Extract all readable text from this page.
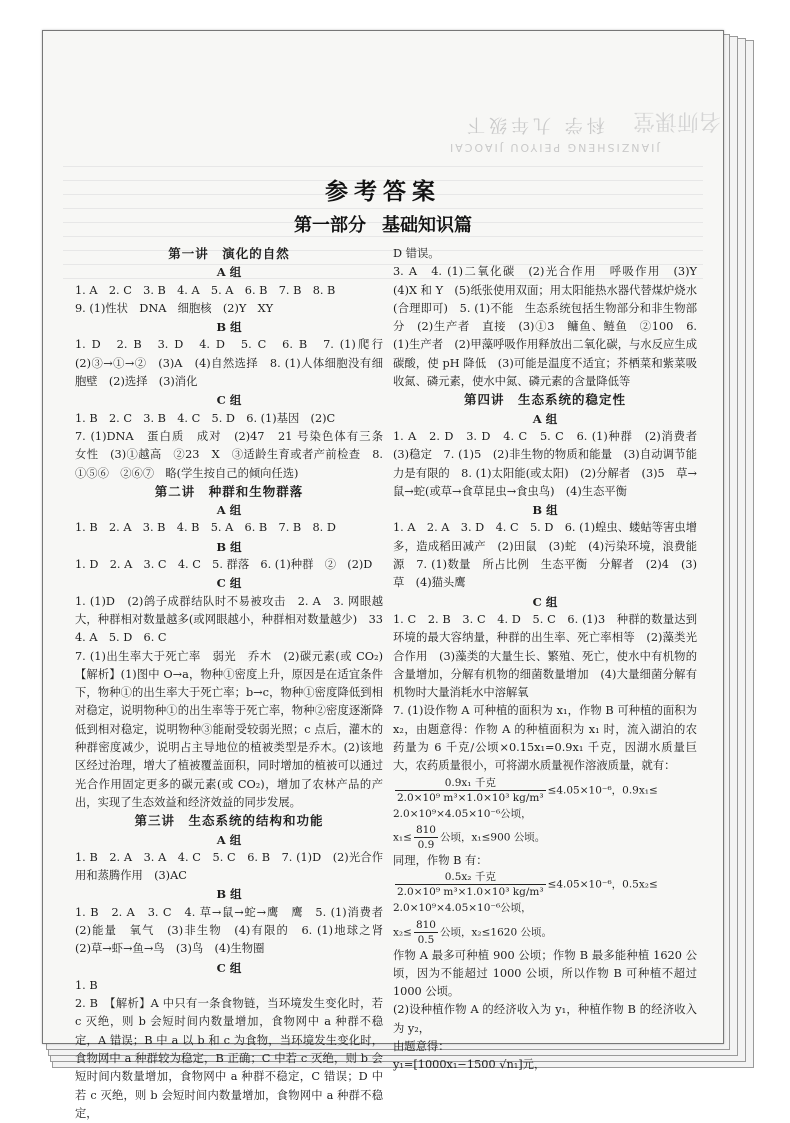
科学 九年级下
JIANZISHENG PEIYOU JIAOCAI
名师课堂
参考答案
第一部分 基础知识篇

第一讲　演化的自然

A 组

1. A　2. C　3. B　4. A　5. A　6. B　7. B　8. B

9. (1)性状　DNA　细胞核　(2)Y　XY

B 组

1. D　2. B　3. D　4. D　5. C　6. B　7. (1)爬行　(2)③→①→②　(3)A　(4)自然选择　8. (1)人体细胞没有细胞壁　(2)选择　(3)消化

C 组

1. B　2. C　3. B　4. C　5. D　6. (1)基因　(2)C

7. (1)DNA　蛋白质　成对　(2)47　21 号染色体有三条　女性　(3)①越高　②23　X　③适龄生育或者产前检查　8. ①⑤⑥　②⑥⑦　略(学生按自己的倾向任选)

第二讲　种群和生物群落

A 组

1. B　2. A　3. B　4. B　5. A　6. B　7. B　8. D

B 组

1. D　2. A　3. C　4. C　5. 群落　6. (1)种群　②　(2)D

C 组

1. (1)D　(2)鸽子成群结队时不易被攻击　2. A　3. 网眼越大，种群相对数量越多(或网眼越小，种群相对数量越少)　33　4. A　5. D　6. C

7. (1)出生率大于死亡率　弱光　乔木　(2)碳元素(或 CO₂)　【解析】(1)图中 O→a，物种①密度上升，原因是在适宜条件下，物种①的出生率大于死亡率；b→c，物种①密度降低到相对稳定，说明物种①的出生率等于死亡率，物种②密度逐渐降低到相对稳定，说明物种③能耐受较弱光照；c 点后，灌木的种群密度减少，说明占主导地位的植被类型是乔木。(2)该地区经过治理，增大了植被覆盖面积，同时增加的植被可以通过光合作用固定更多的碳元素(或 CO₂)，增加了农林产品的产出，实现了生态效益和经济效益的同步发展。

第三讲　生态系统的结构和功能

A 组

1. B　2. A　3. A　4. C　5. C　6. B　7. (1)D　(2)光合作用和蒸腾作用　(3)AC

B 组

1. B　2. A　3. C　4. 草→鼠→蛇→鹰　鹰　5. (1)消费者　(2)能量　氧气　(3)非生物　(4)有限的　6. (1)地球之肾　(2)草→虾→鱼→鸟　(3)鸟　(4)生物圈

C 组

1. B

2. B　【解析】A 中只有一条食物链，当环境发生变化时，若 c 灭绝，则 b 会短时间内数量增加，食物网中 a 种群不稳定，A 错误；B 中 a 以 b 和 c 为食物，当环境发生变化时，食物网中 a 种群较为稳定，B 正确；C 中若 c 灭绝，则 b 会短时间内数量增加，食物网中 a 种群不稳定，C 错误；D 中若 c 灭绝，则 b 会短时间内数量增加，食物网中 a 种群不稳定，

D 错误。

3. A　4. (1)二氧化碳　(2)光合作用　呼吸作用　(3)Y　(4)X 和 Y　(5)纸张使用双面；用太阳能热水器代替煤炉烧水(合理即可)　5. (1)不能　生态系统包括生物部分和非生物部分　(2)生产者　直接　(3)①3　鳙鱼、鲢鱼　②100　6. (1)生产者　(2)甲藻呼吸作用释放出二氧化碳，与水反应生成碳酸，使 pH 降低　(3)可能是温度不适宜；芥栖菜和紫菜吸收氮、磷元素，使水中氮、磷元素的含量降低等

第四讲　生态系统的稳定性

A 组

1. A　2. D　3. D　4. C　5. C　6. (1)种群　(2)消费者　(3)稳定　7. (1)5　(2)非生物的物质和能量　(3)自动调节能力是有限的　8. (1)太阳能(或太阳)　(2)分解者　(3)5　草→鼠→蛇(或草→食草昆虫→食虫鸟)　(4)生态平衡

B 组

1. A　2. A　3. D　4. C　5. D　6. (1)蝗虫、蝼蛄等害虫增多，造成稻田减产　(2)田鼠　(3)蛇　(4)污染环境，浪费能源　7. (1)数量　所占比例　生态平衡　分解者　(2)4　(3)草　(4)猫头鹰

C 组

1. C　2. B　3. C　4. D　5. C　6. (1)3　种群的数量达到环境的最大容纳量，种群的出生率、死亡率相等　(2)藻类光合作用　(3)藻类的大量生长、繁殖、死亡，使水中有机物的含量增加，分解有机物的细菌数量增加　(4)大量细菌分解有机物时大量消耗水中溶解氧

7. (1)设作物 A 可种植的面积为 x₁，作物 B 可种植的面积为 x₂，由题意得：作物 A 的种植面积为 x₁ 时，流入湖泊的农药量为 6 千克/公顷×0.15x₁=0.9x₁ 千克，因湖水质量巨大，农药质量很小，可将湖水质量视作溶液质量，就有：

$\frac{\text{0.9x₁ 千克}}{\text{2.0×10⁹ m³×1.0×10³ kg/m³}} \le 4.05\times 10^{-6}$，0.9x₁≤

2.0×10⁹×4.05×10⁻⁶公顷，

$x_1\le \frac{810}{0.9}$ 公顷，x₁≤900 公顷。

同理，作物 B 有：

$\frac{\text{0.5x₂ 千克}}{\text{2.0×10⁹ m³×1.0×10³ kg/m³}} \le 4.05\times 10^{-6}$，0.5x₂≤

2.0×10⁹×4.05×10⁻⁶公顷，

$x_2\le \frac{810}{0.5}$ 公顷，x₂≤1620 公顷。

作物 A 最多可种植 900 公顷；作物 B 最多能种植 1620 公顷，因为不能超过 1000 公顷，所以作物 B 可种植不超过 1000 公顷。

(2)设种植作物 A 的经济收入为 y₁，种植作物 B 的经济收入为 y₂，

由题意得：

y₁=[1000x₁−1500 √n₁]元，
